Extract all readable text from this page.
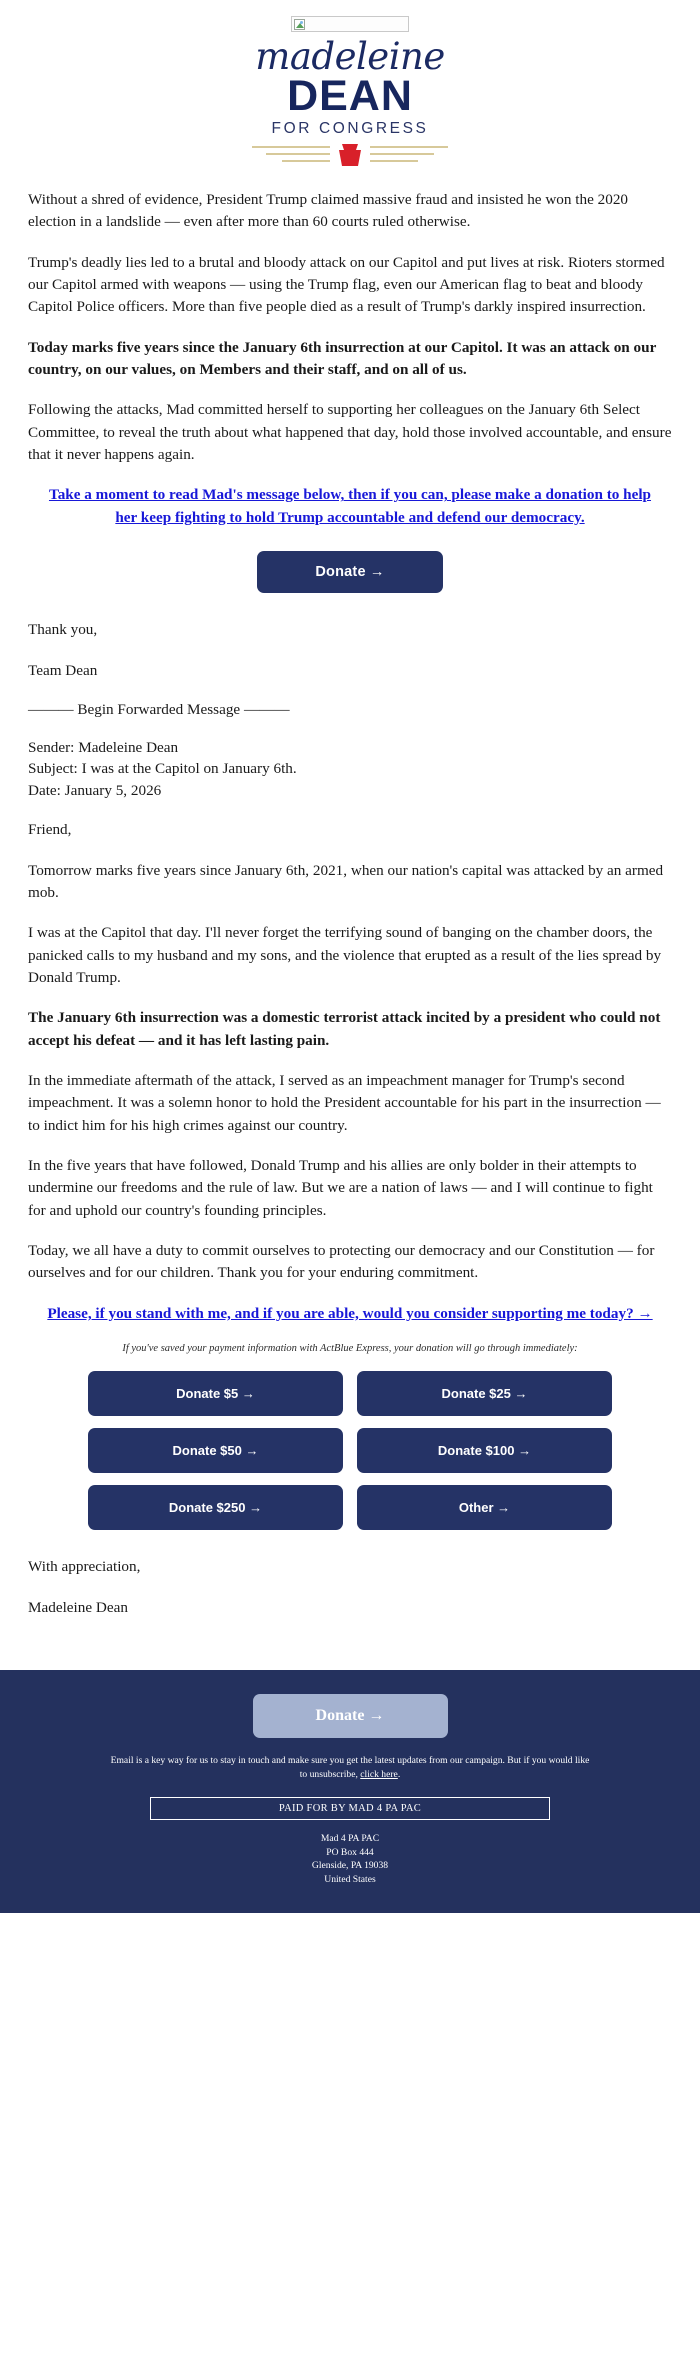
madeleine
DEAN
FOR CONGRESS

Without a shred of evidence, President Trump claimed massive fraud and insisted he won the 2020 election in a landslide — even after more than 60 courts ruled otherwise.

Trump's deadly lies led to a brutal and bloody attack on our Capitol and put lives at risk. Rioters stormed our Capitol armed with weapons — using the Trump flag, even our American flag to beat and bloody Capitol Police officers. More than five people died as a result of Trump's darkly inspired insurrection.

Today marks five years since the January 6th insurrection at our Capitol. It was an attack on our country, on our values, on Members and their staff, and on all of us.

Following the attacks, Mad committed herself to supporting her colleagues on the January 6th Select Committee, to reveal the truth about what happened that day, hold those involved accountable, and ensure that it never happens again.

Take a moment to read Mad's message below, then if you can, please make a donation to help her keep fighting to hold Trump accountable and defend our democracy.
Donate →

Thank you,

Team Dean

——— Begin Forwarded Message ———

Sender: Madeleine Dean
Subject: I was at the Capitol on January 6th.
Date: January 5, 2026

Friend,

Tomorrow marks five years since January 6th, 2021, when our nation's capital was attacked by an armed mob.

I was at the Capitol that day. I'll never forget the terrifying sound of banging on the chamber doors, the panicked calls to my husband and my sons, and the violence that erupted as a result of the lies spread by Donald Trump.

The January 6th insurrection was a domestic terrorist attack incited by a president who could not accept his defeat — and it has left lasting pain.

In the immediate aftermath of the attack, I served as an impeachment manager for Trump's second impeachment. It was a solemn honor to hold the President accountable for his part in the insurrection — to indict him for his high crimes against our country.

In the five years that have followed, Donald Trump and his allies are only bolder in their attempts to undermine our freedoms and the rule of law. But we are a nation of laws — and I will continue to fight for and uphold our country's founding principles.

Today, we all have a duty to commit ourselves to protecting our democracy and our Constitution — for ourselves and for our children. Thank you for your enduring commitment.

Please, if you stand with me, and if you are able, would you consider supporting me today? →
If you've saved your payment information with ActBlue Express, your donation will go through immediately:
Donate $5 →	Donate $25 →
Donate $50 →	Donate $100 →
Donate $250 →	Other →

With appreciation,

Madeleine Dean

Donate →
Email is a key way for us to stay in touch and make sure you get the latest updates from our campaign. But if you would like to unsubscribe, click here.
PAID FOR BY MAD 4 PA PAC
Mad 4 PA PAC
PO Box 444
Glenside, PA 19038
United States
